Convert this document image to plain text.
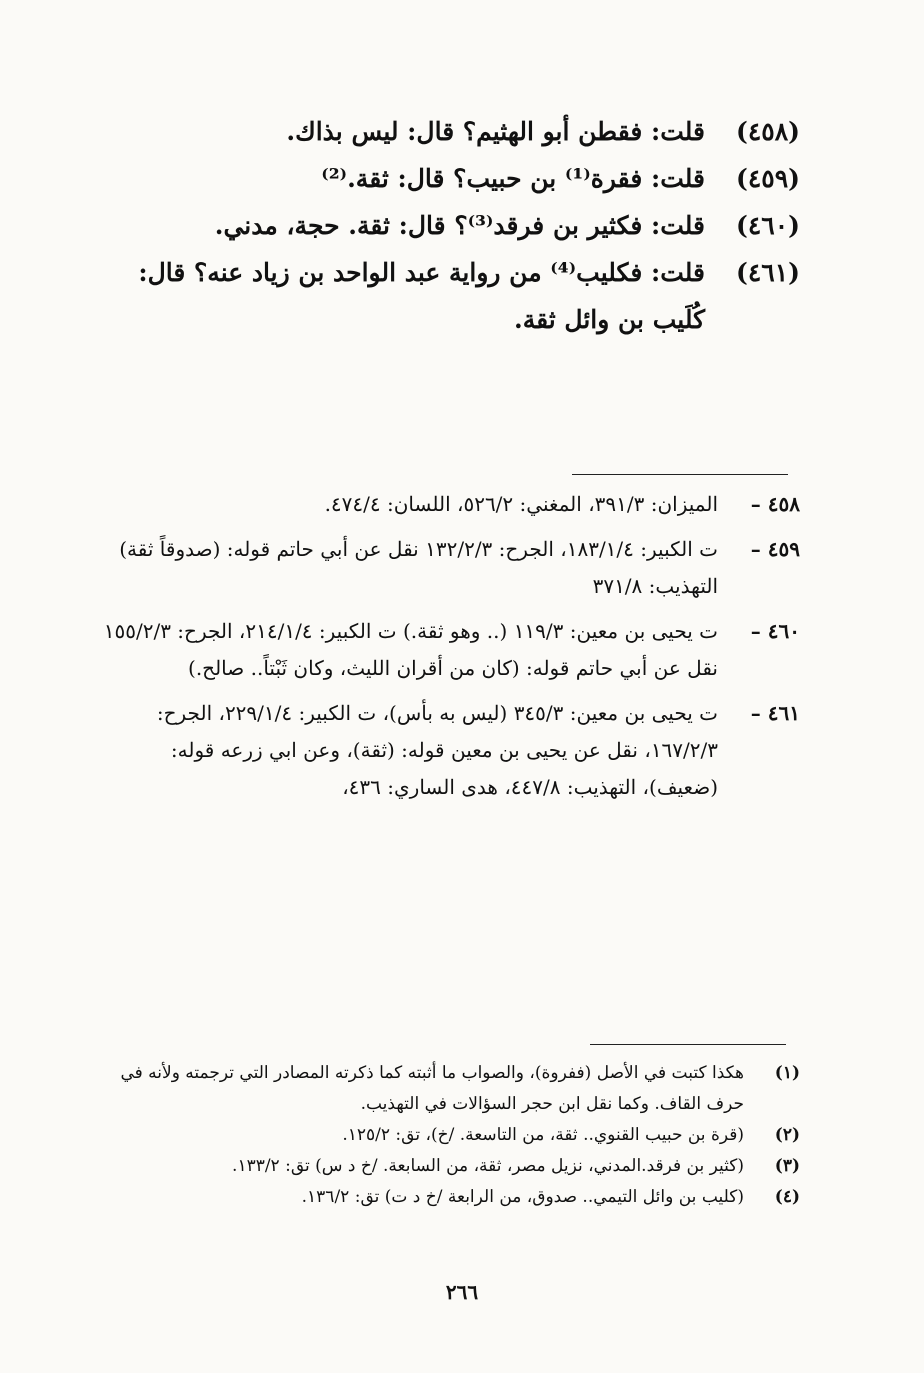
(٤٥٨)
قلت: فقطن أبو الهثيم؟ قال: ليس بذاك.
(٤٥٩)
قلت: فقرة⁽¹⁾ بن حبيب؟ قال: ثقة.⁽²⁾
(٤٦٠)
قلت: فكثير بن فرقد⁽³⁾؟ قال: ثقة. حجة، مدني.
(٤٦١)
قلت: فكليب⁽⁴⁾ من رواية عبد الواحد بن زياد عنه؟ قال: كُلَيب بن وائل ثقة.
٤٥٨ –
الميزان: ٣٩١/٣، المغني: ٥٢٦/٢، اللسان: ٤٧٤/٤.
٤٥٩ –
ت الكبير: ١٨٣/١/٤، الجرح: ١٣٢/٢/٣ نقل عن أبي حاتم قوله: (صدوقاً ثقة) التهذيب: ٣٧١/٨
٤٦٠ –
ت يحيى بن معين: ١١٩/٣ (.. وهو ثقة.) ت الكبير: ٢١٤/١/٤، الجرح: ١٥٥/٢/٣ نقل عن أبي حاتم قوله: (كان من أقران الليث، وكان ثَبْتاً.. صالح.)
٤٦١ –
ت يحيى بن معين: ٣٤٥/٣ (ليس به بأس)، ت الكبير: ٢٢٩/١/٤، الجرح: ١٦٧/٢/٣، نقل عن يحيى بن معين قوله: (ثقة)، وعن ابي زرعه قوله: (ضعيف)، التهذيب: ٤٤٧/٨، هدى الساري: ٤٣٦،
(١)
هكذا كتبت في الأصل (ففروة)، والصواب ما أثبته كما ذكرته المصادر التي ترجمته ولأنه في حرف القاف. وكما نقل ابن حجر السؤالات في التهذيب.
(٢)
(قرة بن حبيب القنوي.. ثقة، من التاسعة. /خ)، تق: ١٢٥/٢.
(٣)
(كثير بن فرقد.المدني، نزيل مصر، ثقة، من السابعة. /خ د س) تق: ١٣٣/٢.
(٤)
(كليب بن وائل التيمي.. صدوق، من الرابعة /خ د ت) تق: ١٣٦/٢.
٢٦٦
